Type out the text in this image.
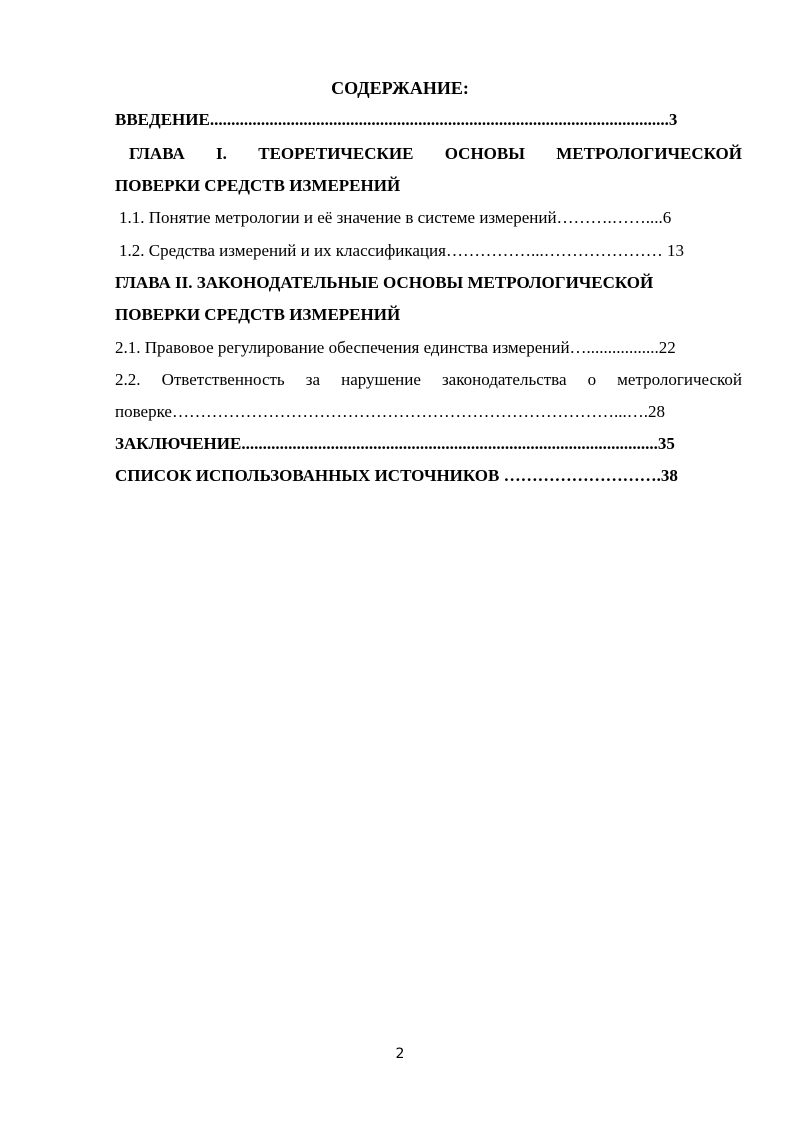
СОДЕРЖАНИЕ:

ВВЕДЕНИЕ............................................................................................................3

ГЛАВА I. ТЕОРЕТИЧЕСКИЕ ОСНОВЫ МЕТРОЛОГИЧЕСКОЙ

ПОВЕРКИ СРЕДСТВ ИЗМЕРЕНИЙ

1.1. Понятие метрологии и её значение в системе измерений……….……....6

1.2. Средства измерений и их классификация……………...………………… 13

ГЛАВА II. ЗАКОНОДАТЕЛЬНЫЕ ОСНОВЫ МЕТРОЛОГИЧЕСКОЙ

ПОВЕРКИ СРЕДСТВ ИЗМЕРЕНИЙ

2.1. Правовое регулирование обеспечения единства измерений….................22

2.2. Ответственность за нарушение законодательства о метрологической

поверке……………………………………………………………………...….28

ЗАКЛЮЧЕНИЕ..................................................................................................35

СПИСОК ИСПОЛЬЗОВАННЫХ ИСТОЧНИКОВ ……………………….38

2
